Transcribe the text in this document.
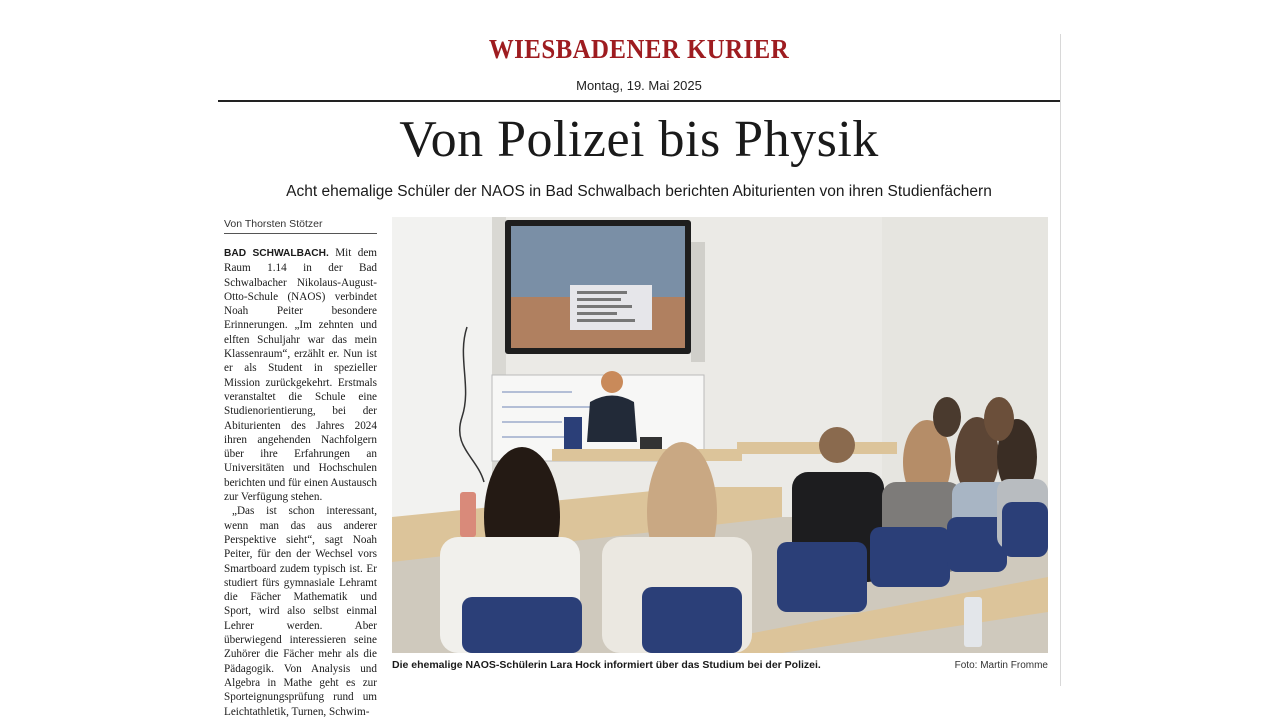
WIESBADENER KURIER
Montag, 19. Mai 2025
Von Polizei bis Physik
Acht ehemalige Schüler der NAOS in Bad Schwalbach berichten Abiturienten von ihren Studienfächern
Von Thorsten Stötzer

BAD SCHWALBACH. Mit dem Raum 1.14 in der Bad Schwalbacher Nikolaus-August-Otto-Schule (NAOS) verbindet Noah Peiter besondere Erinnerungen. „Im zehnten und elften Schuljahr war das mein Klassenraum“, erzählt er. Nun ist er als Student in spezieller Mission zurückgekehrt. Erstmals veranstaltet die Schule eine Studienorientierung, bei der Abiturienten des Jahres 2024 ihren angehenden Nachfolgern über ihre Erfahrungen an Universitäten und Hochschulen berichten und für einen Austausch zur Verfügung stehen.

„Das ist schon interessant, wenn man das aus anderer Perspektive sieht“, sagt Noah Peiter, für den der Wechsel vors Smartboard zudem typisch ist. Er studiert fürs gymnasiale Lehramt die Fächer Mathematik und Sport, wird also selbst einmal Lehrer werden. Aber überwiegend interessieren seine Zuhörer die Fächer mehr als die Pädagogik. Von Analysis und Algebra in Mathe geht es zur Sporteignungsprüfung rund um Leichtathletik, Turnen, Schwim-

Die ehemalige NAOS-Schülerin Lara Hock informiert über das Studium bei der Polizei.	Foto: Martin Fromme
